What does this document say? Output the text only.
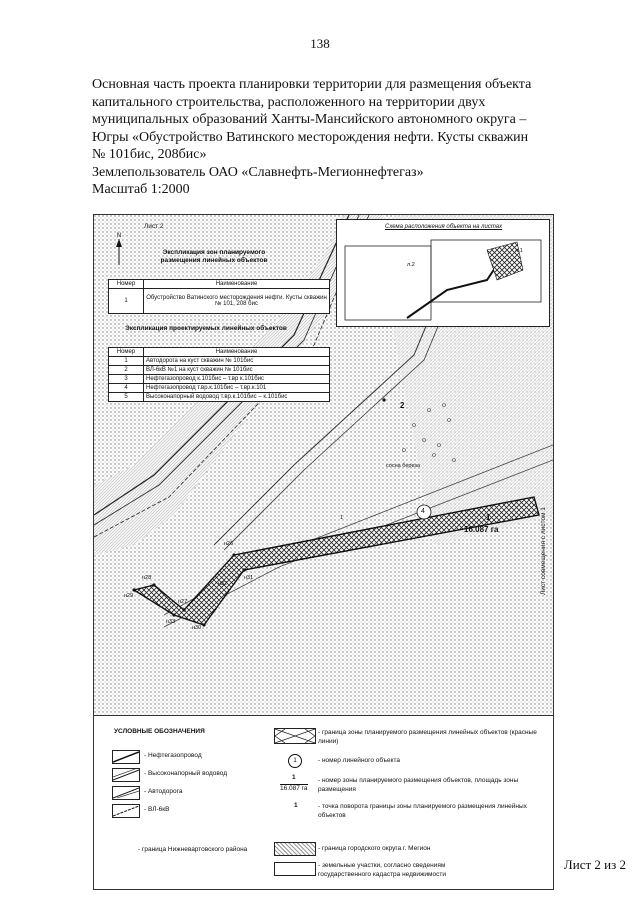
138
Основная часть проекта планировки территории для размещения объекта
капитального строительства, расположенного на территории двух
муниципальных образований Ханты-Мансийского автономного округа –
Югры «Обустройство Ватинского месторождения нефти. Кусты скважин
№ 101бис, 208бис»
Землепользователь ОАО «Славнефть-Мегионнефтегаз»
Масштаб 1:2000
Лист 2
N
Экспликация зон планируемого размещения линейных объектов
Номер	Наименование
1	Обустройство Ватинского месторождения нефти. Кусты скважин № 101, 208 бис
Экспликация проектируемых линейных объектов
Номер	Наименование
1	Автодорога на куст скважин № 101бис
2	ВЛ-6кВ №1 на куст скважин № 101бис
3	Нефтегазопровод к.101бис – т.вр к.101бис
4	Нефтегазопровод т.вр.к.101бис – т.вр.к.101
5	Высоконапорный водовод т.вр.к.101бис – к.101бис
Схема расположения объекта на листах
л.2
л.1
2
сосна береза
4
1
16.087 га
1
н26
н27
н28
н29
н30
н31
н32
н33
Лист совмещения с листом 1
УСЛОВНЫЕ ОБОЗНАЧЕНИЯ
- Нефтегазопровод
- Высоконапорный водовод
- Автодорога
- ВЛ-6кВ
- граница Нижневартовского района
- граница зоны планируемого размещения линейных объектов (красные линии)
1	- номер линейного объекта
1
16.087 га
- номер зоны планируемого размещения объектов, площадь зоны размещения
1	- точка поворота границы зоны планируемого размещения линейных объектов
- граница городского округа г. Мегион
- земельные участки, согласно сведениям государственного кадастра недвижимости
Лист 2 из 2
